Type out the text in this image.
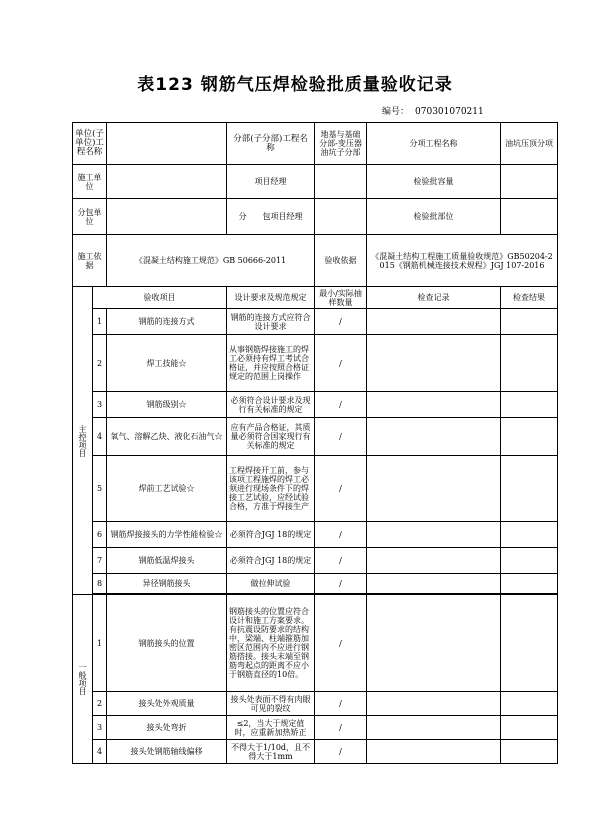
表123 钢筋气压焊检验批质量验收记录
编号： 070301070211
单位(子单位)工程名称			分部(子分部)工程名称	地基与基础分部-变压器油坑子分部	分项工程名称	油坑压顶分项
施工单位			项目经理		检验批容量	
分包单位			分　　包项目经理		检验批部位	
施工依据		《混凝土结构施工规范》GB 50666-2011		验收依据	《混凝土结构工程施工质量验收规范》GB50204-2015《钢筋机械连接技术规程》JGJ 107-2016	

主控项目	验收项目		设计要求及规范规定	最小/实际抽样数量	检查记录	检查结果
	1	钢筋的连接方式	钢筋的连接方式应符合设计要求	/		
	2	焊工技能☆	从事钢筋焊接施工的焊工必须持有焊工考试合格证，并应按照合格证规定的范围上岗操作	/		
	3	钢筋级别☆	必须符合设计要求及现行有关标准的规定	/		
	4	氧气、溶解乙炔、液化石油气☆	应有产品合格证，其质量必须符合国家现行有关标准的规定	/		
	5	焊前工艺试验☆	工程焊接开工前，参与该项工程施焊的焊工必须进行现场条件下的焊接工艺试验，应经试验合格，方准于焊接生产	/		
	6	钢筋焊接接头的力学性能检验☆	必须符合JGJ 18的规定	/		
	7	钢筋低温焊接头	必须符合JGJ 18的规定	/		
	8	异径钢筋接头	做拉伸试验	/		

一般项目	1	钢筋接头的位置	钢筋接头的位置应符合设计和施工方案要求。有抗震设防要求的结构中，梁端、柱端箍筋加密区范围内不应进行钢筋搭接。接头末端至钢筋弯起点的距离不应小于钢筋直径的10倍。	/		
	2	接头处外观质量	接头处表面不得有肉眼可见的裂纹	/		
	3	接头处弯折	≤2，当大于规定值时，应重新加热矫正	/		
	4	接头处钢筋轴线偏移	不得大于1/10d，且不得大于1mm	/		
